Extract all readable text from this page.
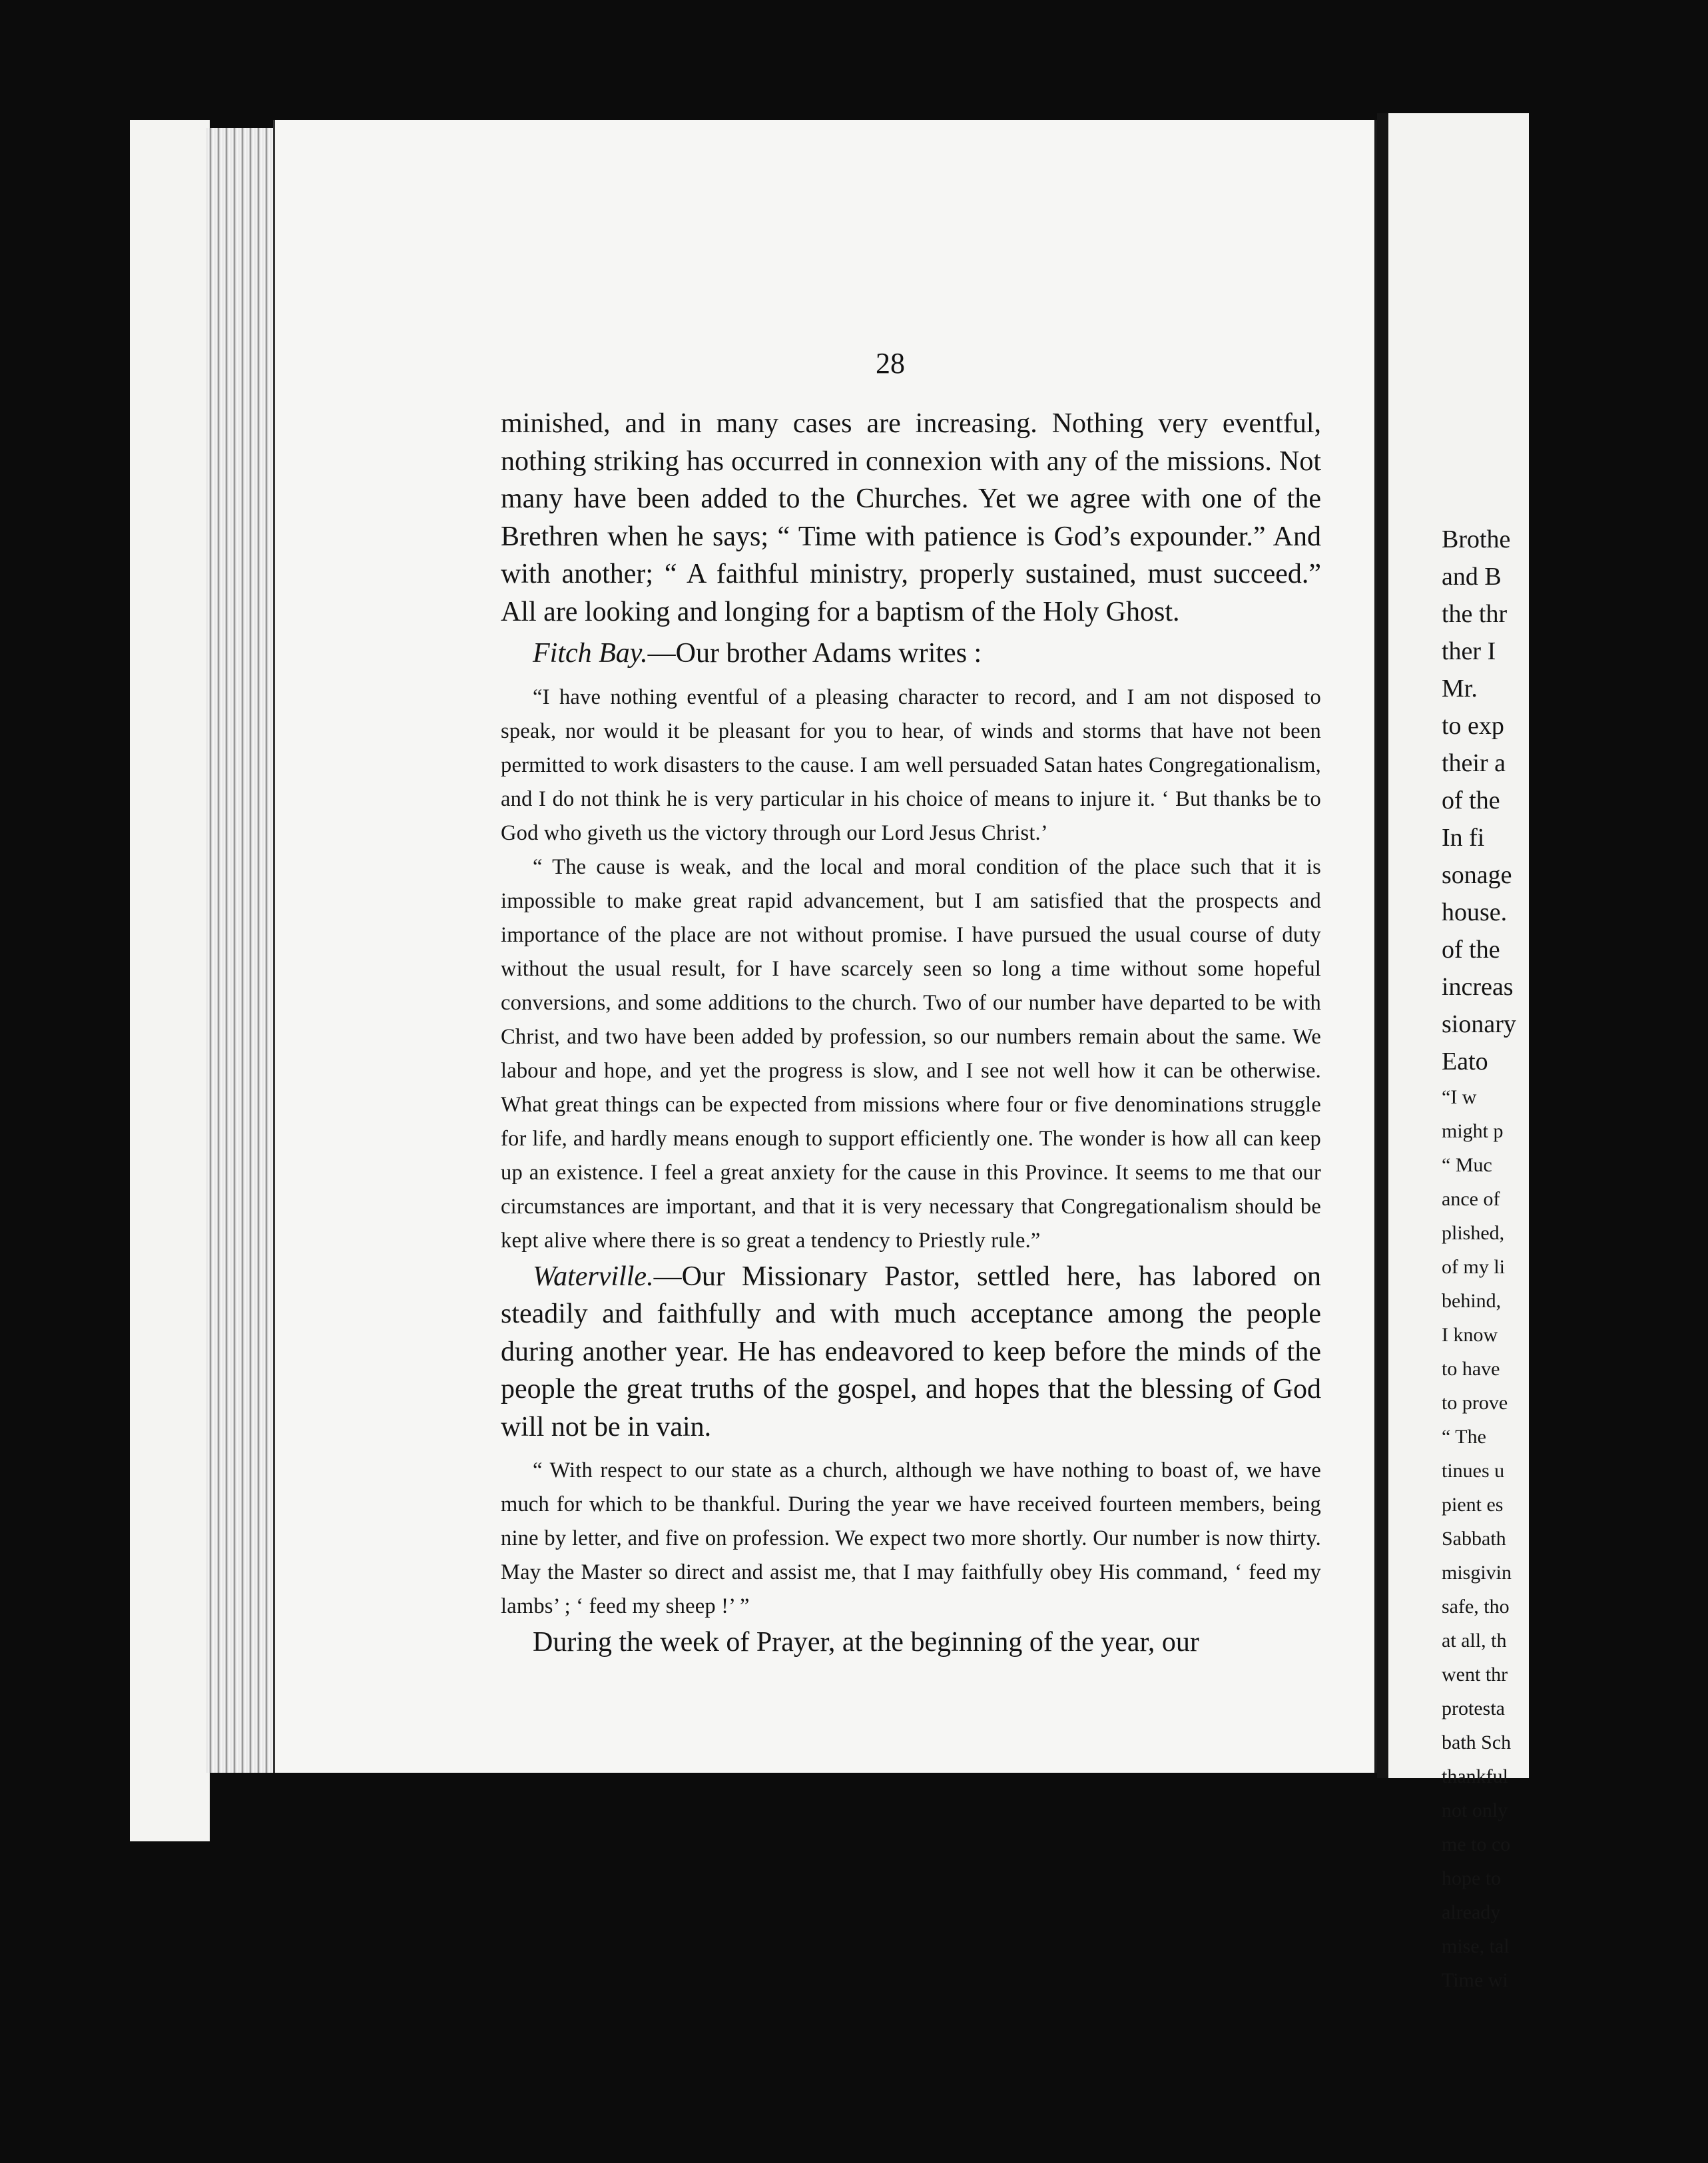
28

minished, and in many cases are increasing. Nothing very eventful, nothing striking has occurred in connexion with any of the missions. Not many have been added to the Churches. Yet we agree with one of the Brethren when he says; “ Time with patience is God’s expounder.” And with another; “ A faithful ministry, properly sustained, must succeed.” All are looking and longing for a baptism of the Holy Ghost.

Fitch Bay.—Our brother Adams writes :

“I have nothing eventful of a pleasing character to record, and I am not disposed to speak, nor would it be pleasant for you to hear, of winds and storms that have not been permitted to work disasters to the cause. I am well persuaded Satan hates Congregationalism, and I do not think he is very particular in his choice of means to injure it. ‘ But thanks be to God who giveth us the victory through our Lord Jesus Christ.’

“ The cause is weak, and the local and moral condition of the place such that it is impossible to make great rapid advancement, but I am satisfied that the prospects and importance of the place are not without promise. I have pursued the usual course of duty without the usual result, for I have scarcely seen so long a time without some hopeful conversions, and some additions to the church. Two of our number have departed to be with Christ, and two have been added by profession, so our numbers remain about the same. We labour and hope, and yet the progress is slow, and I see not well how it can be otherwise. What great things can be expected from missions where four or five denominations struggle for life, and hardly means enough to support efficiently one. The wonder is how all can keep up an existence. I feel a great anxiety for the cause in this Province. It seems to me that our circumstances are important, and that it is very necessary that Congregationalism should be kept alive where there is so great a tendency to Priestly rule.”

Waterville.—Our Missionary Pastor, settled here, has labored on steadily and faithfully and with much acceptance among the people during another year. He has endeavored to keep before the minds of the people the great truths of the gospel, and hopes that the blessing of God will not be in vain.

“ With respect to our state as a church, although we have nothing to boast of, we have much for which to be thankful. During the year we have received fourteen members, being nine by letter, and five on profession. We expect two more shortly. Our number is now thirty. May the Master so direct and assist me, that I may faithfully obey His command, ‘ feed my lambs’ ; ‘ feed my sheep !’ ”

During the week of Prayer, at the beginning of the year, our

Brothe
and B
the thr
ther I
Mr.
to exp
their a
of the
In fi
sonage
house.
of the
increas
sionary
Eato
“I w
might p
“ Muc
ance of
plished,
of my li
behind,
I know
to have
to prove
“ The
tinues u
pient es
Sabbath
misgivin
safe, tho
at all, th
went thr
protesta
bath Sch
thankful
not only
me to co
hope to
already
mise, tal
Time wi
